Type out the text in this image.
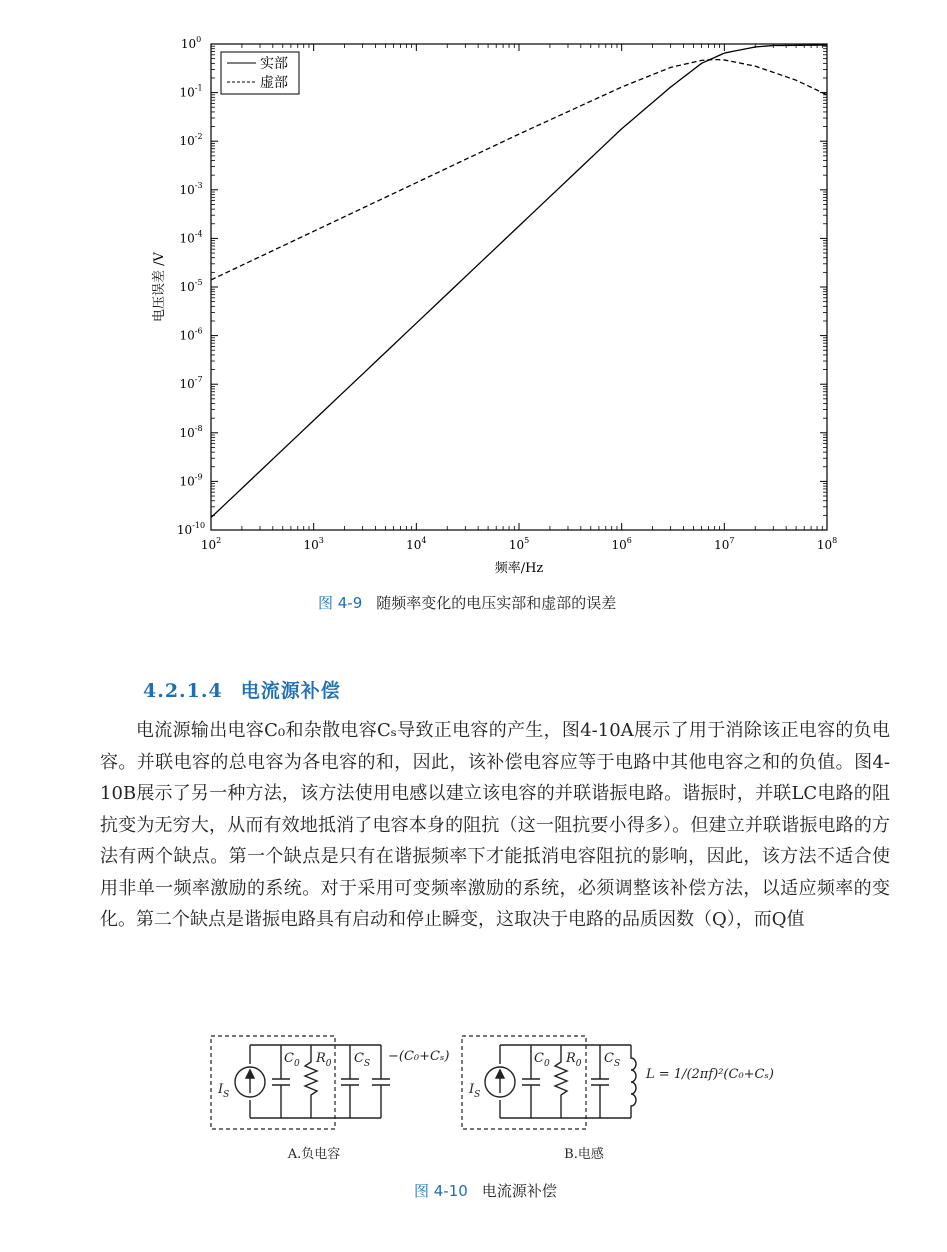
$10^2$	$10^3$	$10^4$	$10^5$	$10^6$	$10^7$	$10^8$
$10^0$
$10^{-1}$
$10^{-2}$
$10^{-3}$
$10^{-4}$
$10^{-5}$
$10^{-6}$
$10^{-7}$
$10^{-8}$
$10^{-9}$
$10^{-10}$
实部
虚部
频率/Hz
电压误差 /V
图 4-9 随频率变化的电压实部和虚部的误差
4.2.1.4 电流源补偿

电流源输出电容C₀和杂散电容Cₛ导致正电容的产生，图4-10A展示了用于消除该正电容的负电容。并联电容的总电容为各电容的和，因此，该补偿电容应等于电路中其他电容之和的负值。图4-10B展示了另一种方法，该方法使用电感以建立该电容的并联谐振电路。谐振时，并联LC电路的阻抗变为无穷大，从而有效地抵消了电容本身的阻抗（这一阻抗要小得多）。但建立并联谐振电路的方法有两个缺点。第一个缺点是只有在谐振频率下才能抵消电容阻抗的影响，因此，该方法不适合使用非单一频率激励的系统。对于采用可变频率激励的系统，必须调整该补偿方法，以适应频率的变化。第二个缺点是谐振电路具有启动和停止瞬变，这取决于电路的品质因数（Q），而Q值

$I_S$
$C_0$ $R_0$ $C_S -(C_0+C_s)$
A.负电容
$I_S$
$C_0$ $R_0$ $C_S$
L = 1/(2πf)²(C₀+Cₛ)
B.电感
图 4-10 电流源补偿
